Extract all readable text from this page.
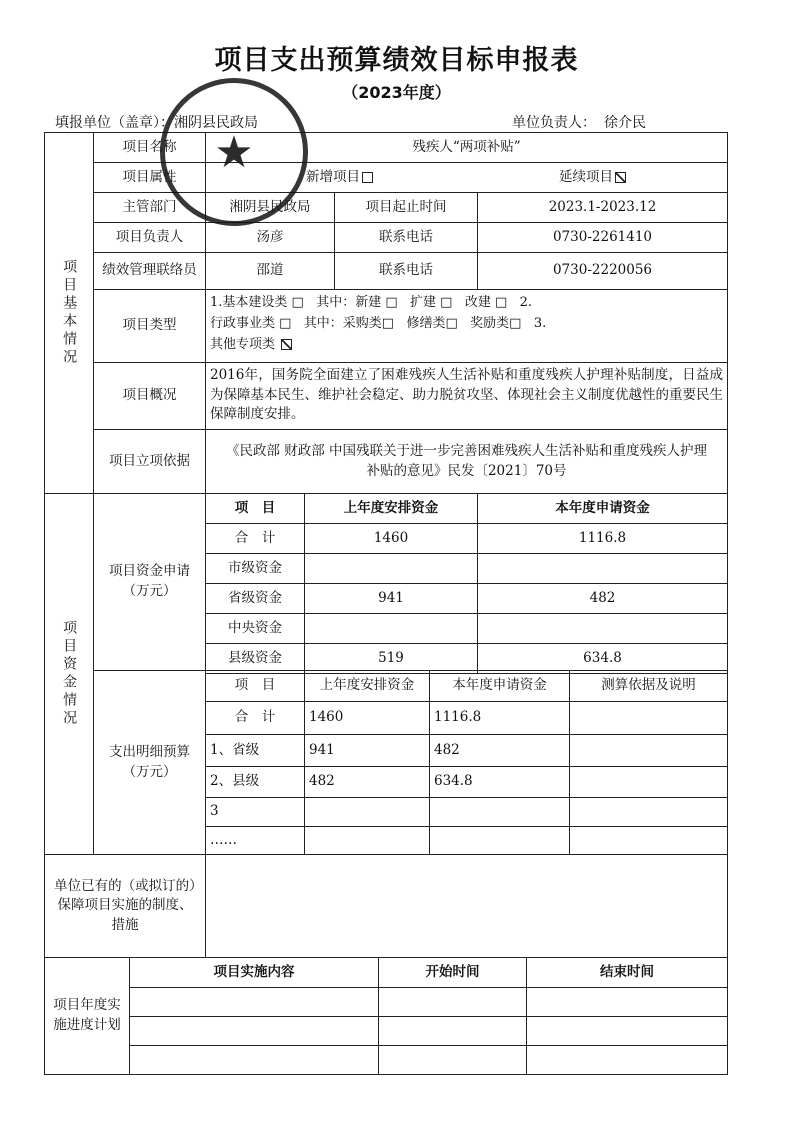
项目支出预算绩效目标申报表
（2023年度）
填报单位（盖章）：湘阴县民政局	单位负责人： 徐介民
项目基本情况
项目名称	残疾人“两项补贴”
项目属性	新增项目	延续项目
主管部门	湘阴县民政局	项目起止时间	2023.1-2023.12
项目负责人	汤彦	联系电话	0730-2261410
绩效管理联络员	邵道	联系电话	0730-2220056
项目类型
1.基本建设类 □   其中：新建 □   扩建 □   改建 □   2.
行政事业类 □   其中：采购类□   修缮类□   奖励类□   3.
其他专项类
项目概况
2016年，国务院全面建立了困难残疾人生活补贴和重度残疾人护理补贴制度，日益成为保障基本民生、维护社会稳定、助力脱贫攻坚、体现社会主义制度优越性的重要民生保障制度安排。
项目立项依据
《民政部 财政部 中国残联关于进一步完善困难残疾人生活补贴和重度残疾人护理补贴的意见》民发〔2021〕70号
项目资金情况
项目资金申请（万元）
项　目	上年度安排资金	本年度申请资金
合　计	1460	1116.8
市级资金
省级资金	941	482
中央资金
县级资金	519	634.8
支出明细预算（万元）
项　目	上年度安排资金	本年度申请资金	测算依据及说明
合　计	1460	1116.8
1、省级	941	482
2、县级	482	634.8
3
……
单位已有的（或拟订的）保障项目实施的制度、措施
项目年度实施进度计划
项目实施内容	开始时间	结束时间
★
